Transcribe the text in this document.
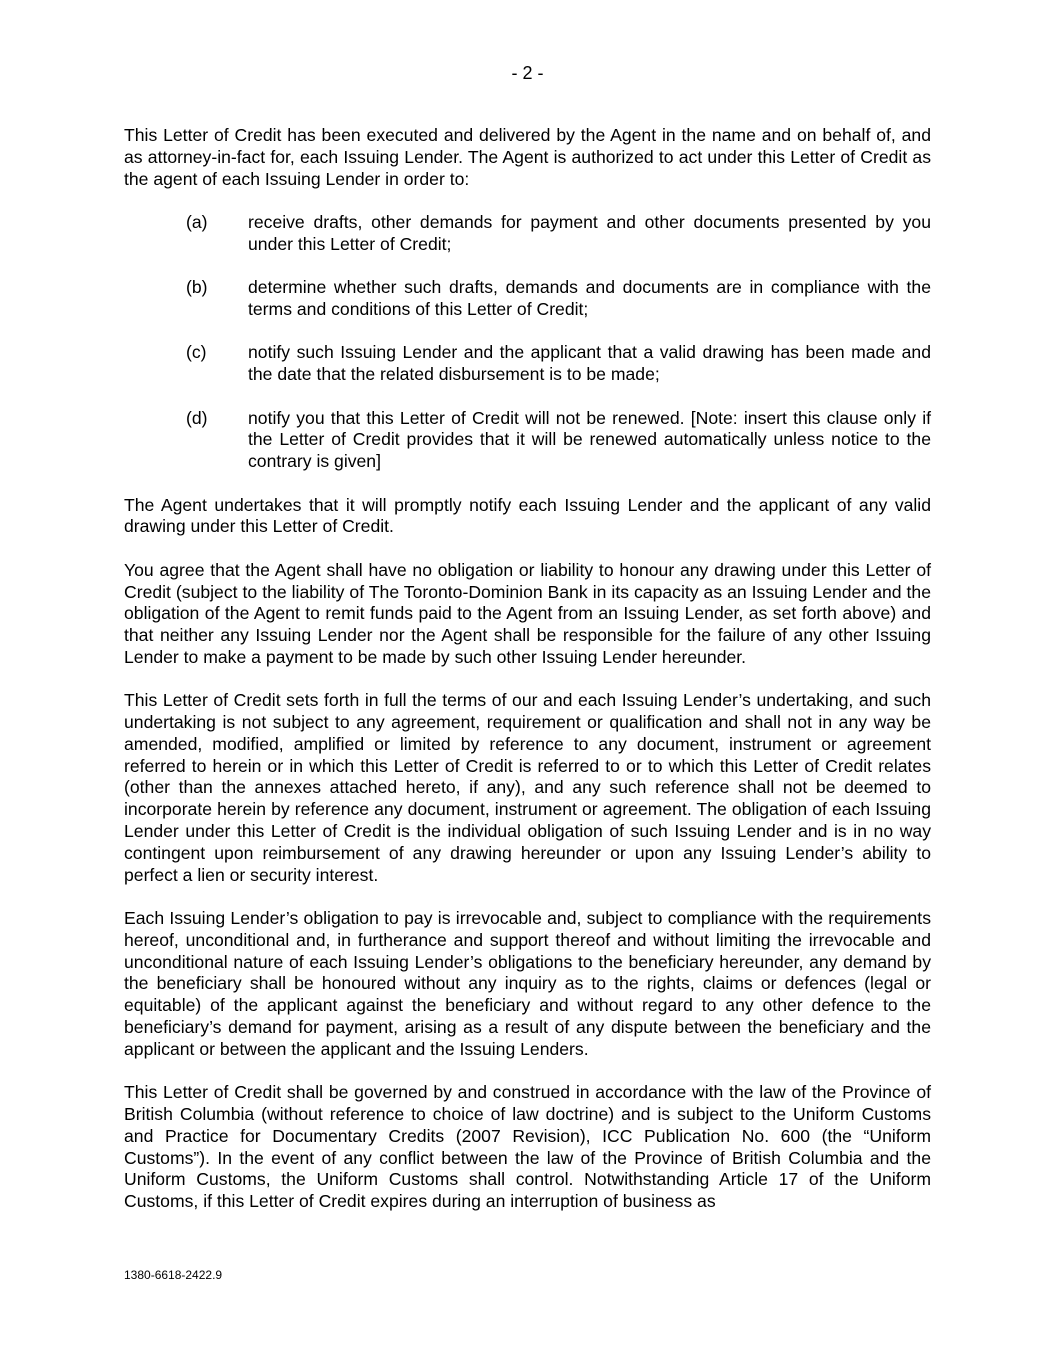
- 2 -

This Letter of Credit has been executed and delivered by the Agent in the name and on behalf of, and as attorney-in-fact for, each Issuing Lender. The Agent is authorized to act under this Letter of Credit as the agent of each Issuing Lender in order to:

(a)	receive drafts, other demands for payment and other documents presented by you under this Letter of Credit;
(b)	determine whether such drafts, demands and documents are in compliance with the terms and conditions of this Letter of Credit;
(c)	notify such Issuing Lender and the applicant that a valid drawing has been made and the date that the related disbursement is to be made;
(d)	notify you that this Letter of Credit will not be renewed. [Note: insert this clause only if the Letter of Credit provides that it will be renewed automatically unless notice to the contrary is given]

The Agent undertakes that it will promptly notify each Issuing Lender and the applicant of any valid drawing under this Letter of Credit.

You agree that the Agent shall have no obligation or liability to honour any drawing under this Letter of Credit (subject to the liability of The Toronto-Dominion Bank in its capacity as an Issuing Lender and the obligation of the Agent to remit funds paid to the Agent from an Issuing Lender, as set forth above) and that neither any Issuing Lender nor the Agent shall be responsible for the failure of any other Issuing Lender to make a payment to be made by such other Issuing Lender hereunder.

This Letter of Credit sets forth in full the terms of our and each Issuing Lender’s undertaking, and such undertaking is not subject to any agreement, requirement or qualification and shall not in any way be amended, modified, amplified or limited by reference to any document, instrument or agreement referred to herein or in which this Letter of Credit is referred to or to which this Letter of Credit relates (other than the annexes attached hereto, if any), and any such reference shall not be deemed to incorporate herein by reference any document, instrument or agreement. The obligation of each Issuing Lender under this Letter of Credit is the individual obligation of such Issuing Lender and is in no way contingent upon reimbursement of any drawing hereunder or upon any Issuing Lender’s ability to perfect a lien or security interest.

Each Issuing Lender’s obligation to pay is irrevocable and, subject to compliance with the requirements hereof, unconditional and, in furtherance and support thereof and without limiting the irrevocable and unconditional nature of each Issuing Lender’s obligations to the beneficiary hereunder, any demand by the beneficiary shall be honoured without any inquiry as to the rights, claims or defences (legal or equitable) of the applicant against the beneficiary and without regard to any other defence to the beneficiary’s demand for payment, arising as a result of any dispute between the beneficiary and the applicant or between the applicant and the Issuing Lenders.

This Letter of Credit shall be governed by and construed in accordance with the law of the Province of British Columbia (without reference to choice of law doctrine) and is subject to the Uniform Customs and Practice for Documentary Credits (2007 Revision), ICC Publication No. 600 (the “Uniform Customs”). In the event of any conflict between the law of the Province of British Columbia and the Uniform Customs, the Uniform Customs shall control. Notwithstanding Article 17 of the Uniform Customs, if this Letter of Credit expires during an interruption of business as

1380-6618-2422.9
